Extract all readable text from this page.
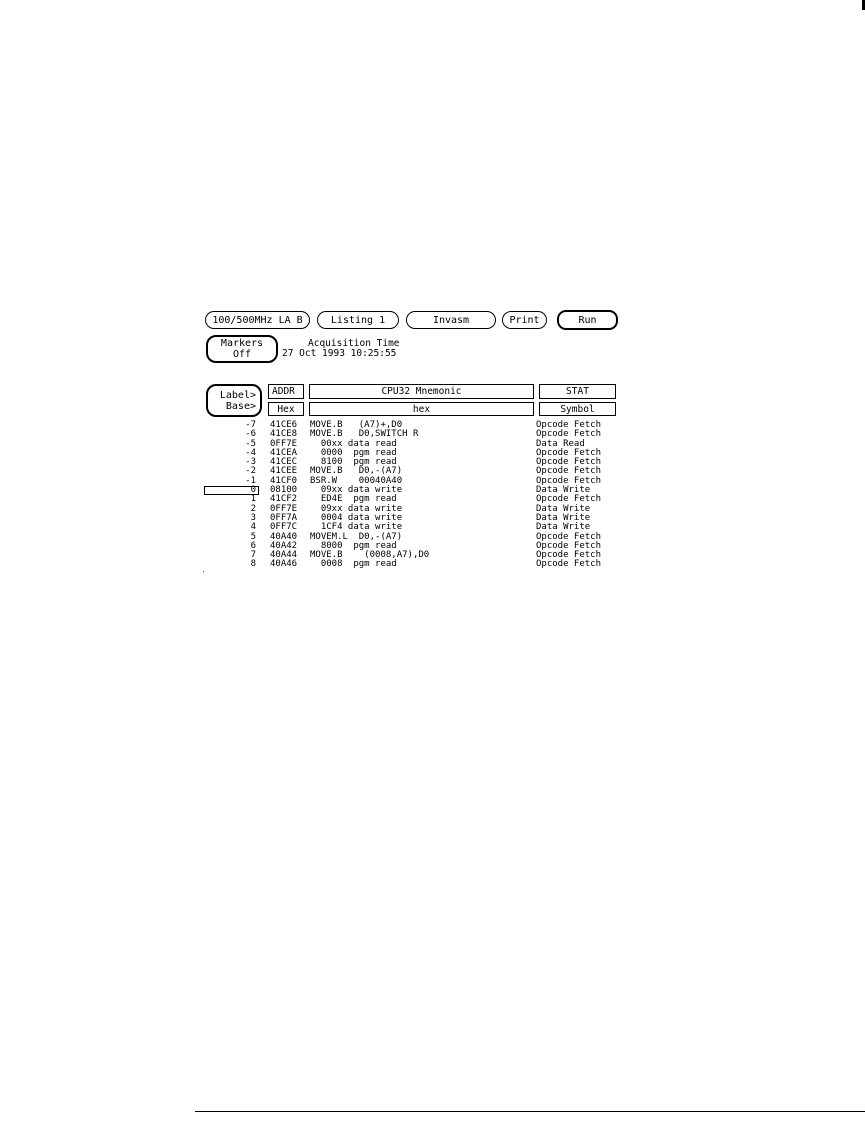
100/500MHz LA B	Listing 1	Invasm	Print	Run
Markers
Off
Acquisition Time
27 Oct 1993 10:25:55
Label>
Base>
ADDR
Hex
CPU32 Mnemonic
hex
STAT
Symbol
-7 41CE6 MOVE.B   (A7)+,D0	Opcode Fetch
-6 41CE8 MOVE.B   D0,SWITCH R	Opcode Fetch
-5 0FF7E 00xx data read	Data Read
-4 41CEA 0000  pgm read	Opcode Fetch
-3 41CEC 8100  pgm read	Opcode Fetch
-2 41CEE MOVE.B   D0,-(A7)	Opcode Fetch
-1 41CF0 BSR.W    00040A40	Opcode Fetch
0 08100 09xx data write	Data Write
1 41CF2 ED4E  pgm read	Opcode Fetch
2 0FF7E 09xx data write	Data Write
3 0FF7A 0004 data write	Data Write
4 0FF7C 1CF4 data write	Data Write
5 40A40 MOVEM.L  D0,-(A7)	Opcode Fetch
6 40A42 8000  pgm read	Opcode Fetch
7 40A44 MOVE.B    (0008,A7),D0	Opcode Fetch
8 40A46 0008  pgm read	Opcode Fetch
